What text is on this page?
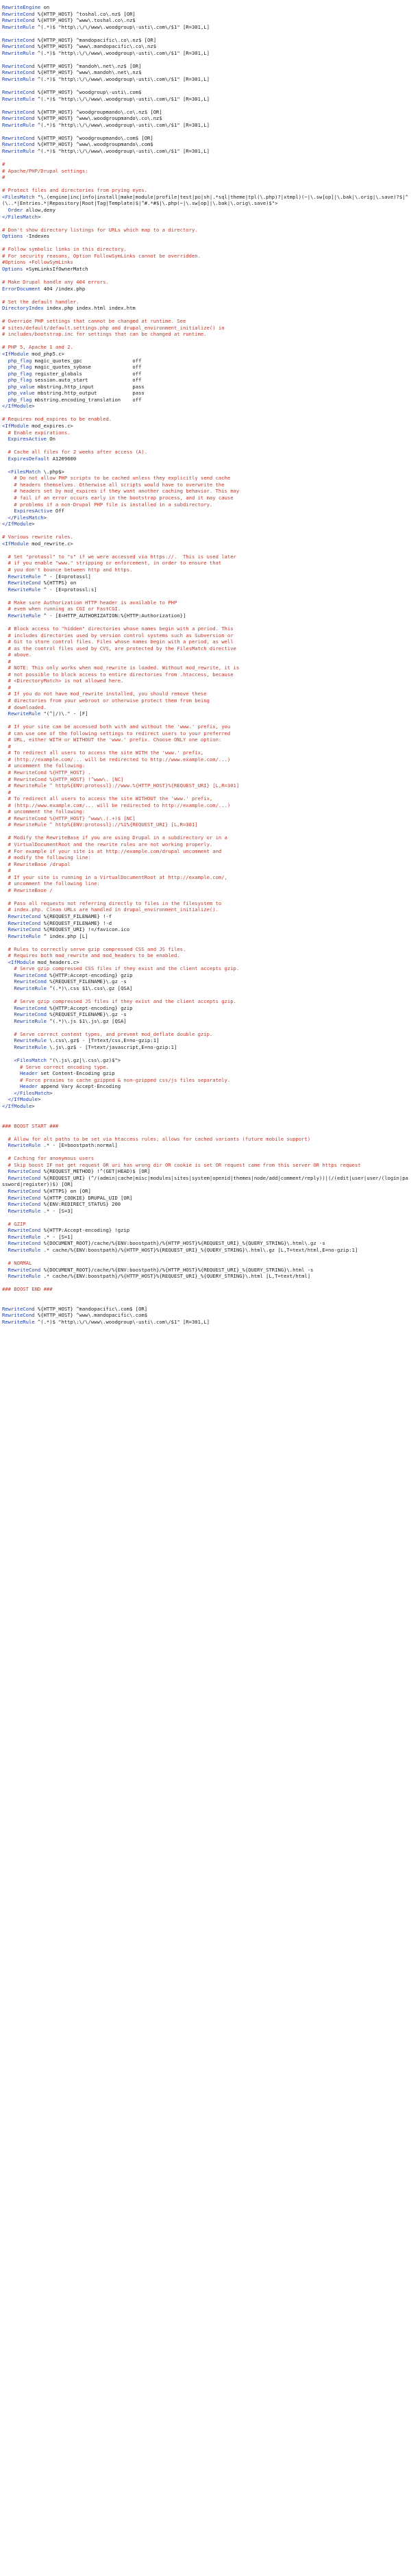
RewriteEngine on
RewriteCond %{HTTP_HOST} ^toshal.co\.nz$ [OR]
RewriteCond %{HTTP_HOST} ^www\.toshal.co\.nz$
RewriteRule ^(.*)$ "http\:\/\/www\.woodgroup\-usti\.com\/$1" [R=301,L]
RewriteCond %{HTTP_HOST} ^mandopacific\.co\.nz$ [OR]
RewriteCond %{HTTP_HOST} ^www\.mandopacific\.co\.nz$
RewriteRule ^(.*)$ "http\:\/\/www\.woodgroup\-usti\.com\/$1" [R=301,L]
RewriteCond %{HTTP_HOST} ^mandoh\.net\.nz$ [OR]
RewriteCond %{HTTP_HOST} ^www\.mandoh\.net\.nz$
RewriteRule ^(.*)$ "http\:\/\/www\.woodgroup\-usti\.com\/$1" [R=301,L]
RewriteCond %{HTTP_HOST} ^woodgroup\-usti\.com$
RewriteRule ^(.*)$ "http\:\/\/www\.woodgroup\-usti\.com\/$1" [R=301,L]
RewriteCond %{HTTP_HOST} ^woodgroupmando\.co\.nz$ [OR]
RewriteCond %{HTTP_HOST} ^www\.woodgroupmando\.co\.nz$
RewriteRule ^(.*)$ "http\:\/\/www\.woodgroup\-usti\.com\/$1" [R=301,L]
RewriteCond %{HTTP_HOST} ^woodgroupmando\.com$ [OR]
RewriteCond %{HTTP_HOST} ^www\.woodgroupmando\.com$
RewriteRule ^(.*)$ "http\:\/\/www\.woodgroup\-usti\.com\/$1" [R=301,L]
#
# Apache/PHP/Drupal settings:
#
# Protect files and directories from prying eyes.
<FilesMatch "\.(engine|inc|info|install|make|module|profile|test|po|sh|.*sql|theme|tpl(\.php)?|xtmpl)(~|\.sw[op]|\.bak|\.orig|\.save)?$|^(\..*|Entries.*|Repository|Root|Tag|Template)$|^#.*#$|\.php(~|\.sw[op]|\.bak|\.orig\.save)$">
Order allow,deny
</FilesMatch>
# Don't show directory listings for URLs which map to a directory.
Options -Indexes
# Follow symbolic links in this directory.
# For security reasons, Option FollowSymLinks cannot be overridden.
#Options +FollowSymLinks
Options +SymLinksIfOwnerMatch
# Make Drupal handle any 404 errors.
ErrorDocument 404 /index.php
# Set the default handler.
DirectoryIndex index.php index.html index.htm
# Override PHP settings that cannot be changed at runtime. See
# sites/default/default.settings.php and drupal_environment_initialize() in
# includes/bootstrap.inc for settings that can be changed at runtime.
# PHP 5, Apache 1 and 2.
<IfModule mod_php5.c>
php_flag magic_quotes_gpc                 off
php_flag magic_quotes_sybase              off
php_flag register_globals                 off
php_flag session.auto_start               off
php_value mbstring.http_input             pass
php_value mbstring.http_output            pass
php_flag mbstring.encoding_translation    off
</IfModule>
# Requires mod_expires to be enabled.
<IfModule mod_expires.c>
# Enable expirations.
ExpiresActive On
# Cache all files for 2 weeks after access (A).
ExpiresDefault A1209600
<FilesMatch \.php$>
# Do not allow PHP scripts to be cached unless they explicitly send cache
# headers themselves. Otherwise all scripts would have to overwrite the
# headers set by mod_expires if they want another caching behavior. This may
# fail if an error occurs early in the bootstrap process, and it may cause
# problems if a non-Drupal PHP file is installed in a subdirectory.
ExpiresActive Off
</FilesMatch>
</IfModule>
# Various rewrite rules.
<IfModule mod_rewrite.c>
# Set "protossl" to "s" if we were accessed via https://.  This is used later
# if you enable "www." stripping or enforcement, in order to ensure that
# you don't bounce between http and https.
RewriteRule ^ - [E=protossl]
RewriteCond %{HTTPS} on
RewriteRule ^ - [E=protossl:s]
# Make sure Authorization HTTP header is available to PHP
# even when running as CGI or FastCGI.
RewriteRule ^ - [E=HTTP_AUTHORIZATION:%{HTTP:Authorization}]
# Block access to "hidden" directories whose names begin with a period. This
# includes directories used by version control systems such as Subversion or
# Git to store control files. Files whose names begin with a period, as well
# as the control files used by CVS, are protected by the FilesMatch directive
# above.
#
# NOTE: This only works when mod_rewrite is loaded. Without mod_rewrite, it is
# not possible to block access to entire directories from .htaccess, because
# <DirectoryMatch> is not allowed here.
#
# If you do not have mod_rewrite installed, you should remove these
# directories from your webroot or otherwise protect them from being
# downloaded.
RewriteRule "(^|/)\." - [F]
# If your site can be accessed both with and without the 'www.' prefix, you
# can use one of the following settings to redirect users to your preferred
# URL, either WITH or WITHOUT the 'www.' prefix. Choose ONLY one option:
#
# To redirect all users to access the site WITH the 'www.' prefix,
# (http://example.com/... will be redirected to http://www.example.com/...)
# uncomment the following:
# RewriteCond %{HTTP_HOST} .
# RewriteCond %{HTTP_HOST} !^www\. [NC]
# RewriteRule ^ http%{ENV:protossl}://www.%{HTTP_HOST}%{REQUEST_URI} [L,R=301]
#
# To redirect all users to access the site WITHOUT the 'www.' prefix,
# (http://www.example.com/... will be redirected to http://example.com/...)
# uncomment the following:
# RewriteCond %{HTTP_HOST} ^www\.(.+)$ [NC]
# RewriteRule ^ http%{ENV:protossl}://%1%{REQUEST_URI} [L,R=301]
# Modify the RewriteBase if you are using Drupal in a subdirectory or in a
# VirtualDocumentRoot and the rewrite rules are not working properly.
# For example if your site is at http://example.com/drupal uncomment and
# modify the following line:
# RewriteBase /drupal
#
# If your site is running in a VirtualDocumentRoot at http://example.com/,
# uncomment the following line:
# RewriteBase /
# Pass all requests not referring directly to files in the filesystem to
# index.php. Clean URLs are handled in drupal_environment_initialize().
RewriteCond %{REQUEST_FILENAME} !-f
RewriteCond %{REQUEST_FILENAME} !-d
RewriteCond %{REQUEST_URI} !=/favicon.ico
RewriteRule ^ index.php [L]
# Rules to correctly serve gzip compressed CSS and JS files.
# Requires both mod_rewrite and mod_headers to be enabled.
<IfModule mod_headers.c>
# Serve gzip compressed CSS files if they exist and the client accepts gzip.
RewriteCond %{HTTP:Accept-encoding} gzip
RewriteCond %{REQUEST_FILENAME}\.gz -s
RewriteRule ^(.*)\.css $1\.css\.gz [QSA]
# Serve gzip compressed JS files if they exist and the client accepts gzip.
RewriteCond %{HTTP:Accept-encoding} gzip
RewriteCond %{REQUEST_FILENAME}\.gz -s
RewriteRule ^(.*)\.js $1\.js\.gz [QSA]
# Serve correct content types, and prevent mod_deflate double gzip.
RewriteRule \.css\.gz$ - [T=text/css,E=no-gzip:1]
RewriteRule \.js\.gz$ - [T=text/javascript,E=no-gzip:1]
<FilesMatch "(\.js\.gz|\.css\.gz)$">
# Serve correct encoding type.
Header set Content-Encoding gzip
# Force proxies to cache gzipped & non-gzipped css/js files separately.
Header append Vary Accept-Encoding
</FilesMatch>
</IfModule>
</IfModule>
### BOOST START ###
# Allow for alt paths to be set via htaccess rules; allows for cached variants (future mobile support)
RewriteRule .* - [E=boostpath:normal]
# Caching for anonymous users
# Skip boost IF not get request OR uri has wrong dir OR cookie is set OR request came from this server OR https request
RewriteCond %{REQUEST_METHOD} !^(GET|HEAD)$ [OR]
RewriteCond %{REQUEST_URI} (^/(admin|cache|misc|modules|sites|system|openid|themes|node/add|comment/reply))|(/(edit|user|user/(login|password|register))$) [OR]
RewriteCond %{HTTPS} on [OR]
RewriteCond %{HTTP_COOKIE} DRUPAL_UID [OR]
RewriteCond %{ENV:REDIRECT_STATUS} 200
RewriteRule .* - [S=3]
# GZIP
RewriteCond %{HTTP:Accept-encoding} !gzip
RewriteRule .* - [S=1]
RewriteCond %{DOCUMENT_ROOT}/cache/%{ENV:boostpath}/%{HTTP_HOST}%{REQUEST_URI}_%{QUERY_STRING}\.html\.gz -s
RewriteRule .* cache/%{ENV:boostpath}/%{HTTP_HOST}%{REQUEST_URI}_%{QUERY_STRING}\.html\.gz [L,T=text/html,E=no-gzip:1]
# NORMAL
RewriteCond %{DOCUMENT_ROOT}/cache/%{ENV:boostpath}/%{HTTP_HOST}%{REQUEST_URI}_%{QUERY_STRING}\.html -s
RewriteRule .* cache/%{ENV:boostpath}/%{HTTP_HOST}%{REQUEST_URI}_%{QUERY_STRING}\.html [L,T=text/html]
### BOOST END ###
RewriteCond %{HTTP_HOST} ^mandopacific\.com$ [OR]
RewriteCond %{HTTP_HOST} ^www\.mandopacific\.com$
RewriteRule ^(.*)$ "http\:\/\/www\.woodgroup\-usti\.com\/$1" [R=301,L]
